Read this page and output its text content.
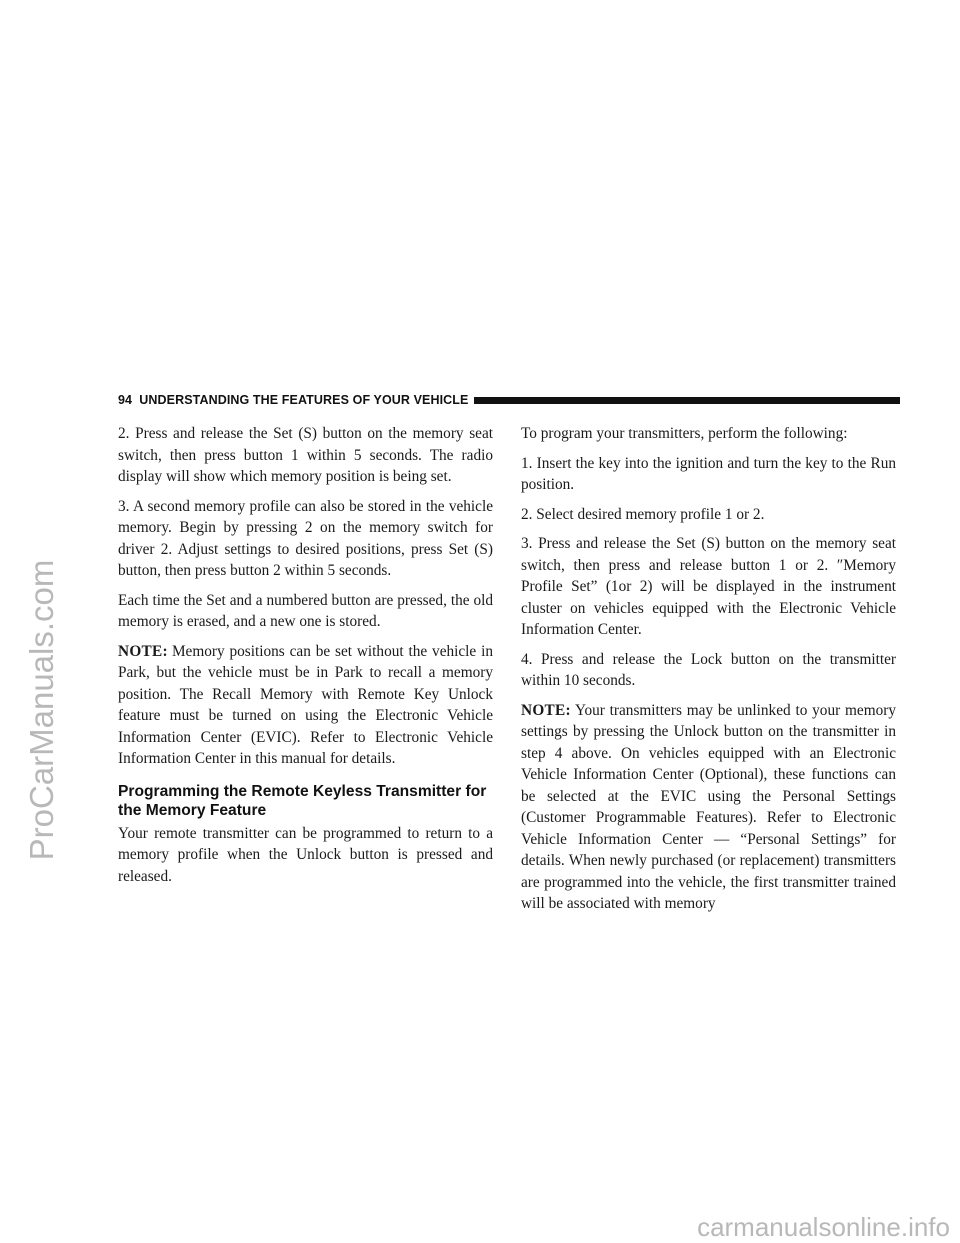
ProCarManuals.com
carmanualsonline.info
94 UNDERSTANDING THE FEATURES OF YOUR VEHICLE

2. Press and release the Set (S) button on the memory seat switch, then press button 1 within 5 seconds. The radio display will show which memory position is being set.

3. A second memory profile can also be stored in the vehicle memory. Begin by pressing 2 on the memory switch for driver 2. Adjust settings to desired positions, press Set (S) button, then press button 2 within 5 seconds.

Each time the Set and a numbered button are pressed, the old memory is erased, and a new one is stored.

NOTE: Memory positions can be set without the vehicle in Park, but the vehicle must be in Park to recall a memory position. The Recall Memory with Remote Key Unlock feature must be turned on using the Electronic Vehicle Information Center (EVIC). Refer to Electronic Vehicle Information Center in this manual for details.

Programming the Remote Keyless Transmitter for the Memory Feature

Your remote transmitter can be programmed to return to a memory profile when the Unlock button is pressed and released.

To program your transmitters, perform the following:

1. Insert the key into the ignition and turn the key to the Run position.

2. Select desired memory profile 1 or 2.

3. Press and release the Set (S) button on the memory seat switch, then press and release button 1 or 2. ″Memory Profile Set” (1or 2) will be displayed in the instrument cluster on vehicles equipped with the Electronic Vehicle Information Center.

4. Press and release the Lock button on the transmitter within 10 seconds.

NOTE: Your transmitters may be unlinked to your memory settings by pressing the Unlock button on the transmitter in step 4 above. On vehicles equipped with an Electronic Vehicle Information Center (Optional), these functions can be selected at the EVIC using the Personal Settings (Customer Programmable Features). Refer to Electronic Vehicle Information Center — “Personal Settings” for details. When newly purchased (or replacement) transmitters are programmed into the vehicle, the first transmitter trained will be associated with memory
